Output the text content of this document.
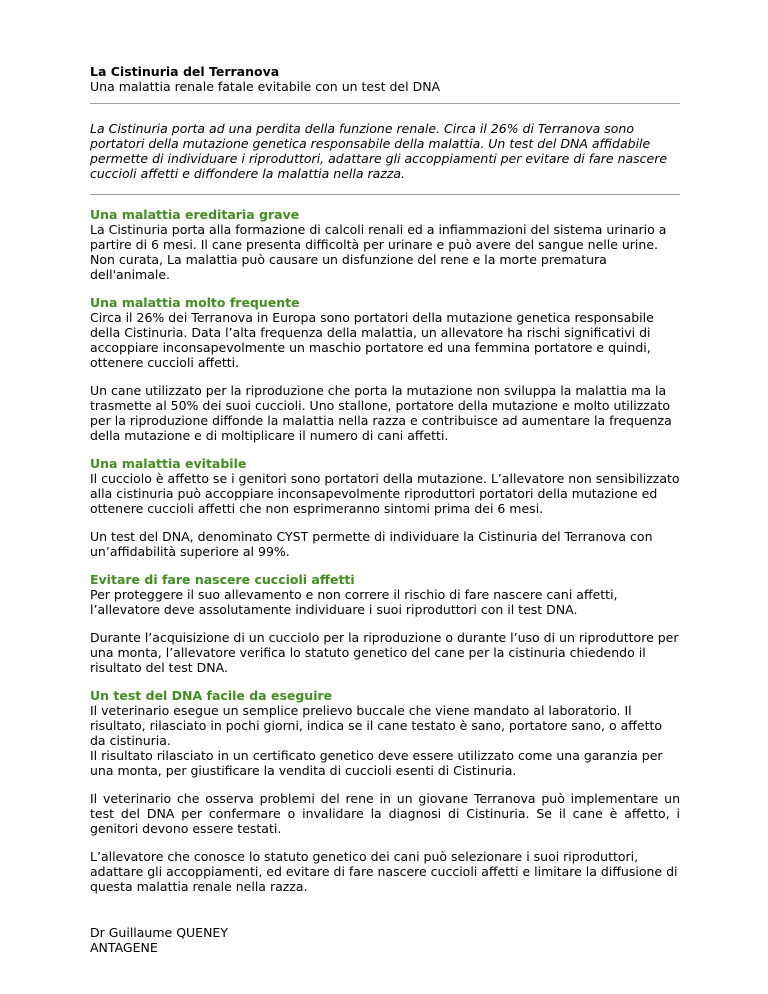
La Cistinuria del Terranova
Una malattia renale fatale evitabile con un test del DNA

La Cistinuria porta ad una perdita della funzione renale. Circa il 26% di Terranova sono portatori della mutazione genetica responsabile della malattia. Un test del DNA affidabile permette di individuare i riproduttori, adattare gli accoppiamenti per evitare di fare nascere cuccioli affetti e diffondere la malattia nella razza.

Una malattia ereditaria grave

La Cistinuria porta alla formazione di calcoli renali ed a infiammazioni del sistema urinario a partire di 6 mesi. Il cane presenta difficoltà per urinare e può avere del sangue nelle urine. Non curata, La malattia può causare un disfunzione del rene e la morte prematura dell'animale.

Una malattia molto frequente

Circa il 26% dei Terranova in Europa sono portatori della mutazione genetica responsabile della Cistinuria. Data l’alta frequenza della malattia, un allevatore ha rischi significativi di accoppiare inconsapevolmente un maschio portatore ed una femmina portatore e quindi, ottenere cuccioli affetti.

Un cane utilizzato per la riproduzione che porta la mutazione non sviluppa la malattia ma la trasmette al 50% dei suoi cuccioli. Uno stallone, portatore della mutazione e molto utilizzato per la riproduzione diffonde la malattia nella razza e contribuisce ad aumentare la frequenza della mutazione e di moltiplicare il numero di cani affetti.

Una malattia evitabile

Il cucciolo è affetto se i genitori sono portatori della mutazione. L’allevatore non sensibilizzato alla cistinuria può accoppiare inconsapevolmente riproduttori portatori della mutazione ed ottenere cuccioli affetti che non esprimeranno sintomi prima dei 6 mesi.

Un test del DNA, denominato CYST permette di individuare la Cistinuria del Terranova con un’affidabilità superiore al 99%.

Evitare di fare nascere cuccioli affetti

Per proteggere il suo allevamento e non correre il rischio di fare nascere cani affetti, l’allevatore deve assolutamente individuare i suoi riproduttori con il test DNA.

Durante l’acquisizione di un cucciolo per la riproduzione o durante l’uso di un riproduttore per una monta, l’allevatore verifica lo statuto genetico del cane per la cistinuria chiedendo il risultato del test DNA.

Un test del DNA facile da eseguire

Il veterinario esegue un semplice prelievo buccale che viene mandato al laboratorio. Il risultato, rilasciato in pochi giorni, indica se il cane testato è sano, portatore sano, o affetto da cistinuria.
Il risultato rilasciato in un certificato genetico deve essere utilizzato come una garanzia per una monta, per giustificare la vendita di cuccioli esenti di Cistinuria.

Il veterinario che osserva problemi del rene in un giovane Terranova può implementare un test del DNA per confermare o invalidare la diagnosi di Cistinuria. Se il cane è affetto, i genitori devono essere testati.

L’allevatore che conosce lo statuto genetico dei cani può selezionare i suoi riproduttori, adattare gli accoppiamenti, ed evitare di fare nascere cuccioli affetti e limitare la diffusione di questa malattia renale nella razza.

Dr Guillaume QUENEY
ANTAGENE
